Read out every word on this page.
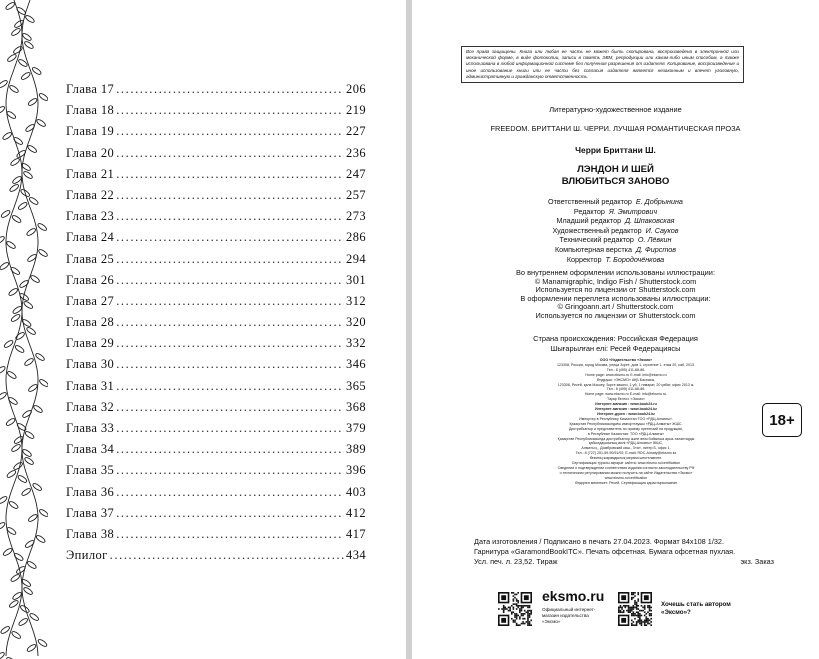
Глава 17 .....	206
Глава 18 .....	219
Глава 19 .....	227
Глава 20 .....	236
Глава 21 .....	247
Глава 22 .....	257
Глава 23 .....	273
Глава 24 .....	286
Глава 25 .....	294
Глава 26 .....	301
Глава 27 .....	312
Глава 28 .....	320
Глава 29 .....	332
Глава 30 .....	346
Глава 31 .....	365
Глава 32 .....	368
Глава 33 .....	379
Глава 34 .....	389
Глава 35 .....	396
Глава 36 .....	403
Глава 37 .....	412
Глава 38 .....	417
Эпилог .....	434
Все права защищены. Книга или любая ее часть не может быть скопирована, воспроизведена в электронной или механической форме, в виде фотокопии, записи в память ЭВМ, репродукции или каким-либо иным способом, а также использована в любой информационной системе без получения разрешения от издателя. Копирование, воспроизведение и иное использование книги или ее части без согласия издателя является незаконным и влечет уголовную, административную и гражданскую ответственность.
Литературно-художественное издание
FREEDOM. БРИТТАНИ Ш. ЧЕРРИ. ЛУЧШАЯ РОМАНТИЧЕСКАЯ ПРОЗА
Черри Бриттани Ш.
ЛЭНДОН И ШЕЙ
ВЛЮБИТЬСЯ ЗАНОВО
Ответственный редактор Е. Добрынина
Редактор Я. Эмитрович
Младший редактор Д. Шпаковская
Художественный редактор И. Сауков
Технический редактор О. Лёвкин
Компьютерная верстка Д. Фирстов
Корректор Т. Бородочёнкова
Во внутреннем оформлении использованы иллюстрации:
© Manamigraphic, Indigo Fish / Shutterstock.com
Используется по лицензии от Shutterstock.com
В оформлении переплета использованы иллюстрации:
© Gringoann.art / Shutterstock.com
Используется по лицензии от Shutterstock.com
Страна происхождения: Российская Федерация
Шығарылған елі: Ресей Федерациясы
ООО «Издательство «Эксмо»
123308, Россия, город Москва, улица Зорге, дом 1, строение 1, этаж 20, каб. 2013.
Тел.: 8 (495) 411-68-86.
Home page: www.eksmo.ru E-mail: info@eksmo.ru
Өндіруші: «ЭКСМО» АҚБ Баспасы,
123308, Ресей, қала Мәскеу, Зорге көшесі, 1 үй, 1 ғимарат, 20 қабат, офис 2013 ж.
Тел.: 8 (495) 411-68-86.
Home page: www.eksmo.ru E-mail: info@eksmo.ru.
Тауар белгісі: «Эксмо»
Интернет-магазин : www.book24.ru
Интернет-магазин : www.book24.kz
Интернет-дүкен : www.book24.kz
Импортер в Республику Казахстан ТОО «РДЦ-Алматы».
Қазақстан Республикасындағы импорттаушы «РДЦ-Алматы» ЖШС.
Дистрибьютор и представитель по приему претензий на продукцию,
в Республике Казахстан: ТОО «РДЦ-Алматы»
Қазақстан Республикасында дистрибьютор және өнім бойынша арыз-талаптарды
қабылдаушының өкілі «РДЦ-Алматы» ЖШС,
Алматы қ., Домбровский көш., 3«а», литер Б, офис 1.
Тел.: 8 (727) 251-59-90/91/92; E-mail: RDC-Almaty@eksmo.kz
Өнімнің жарамдылық мерзімі шектелмеген.
Сертификация туралы ақпарат сайтта: www.eksmo.ru/certification
Сведения о подтверждении соответствия издания согласно законодательству РФ
о техническом регулировании можно получить на сайте Издательства «Эксмо»
www.eksmo.ru/certification
Өндірген мемлекет: Ресей. Сертификация қарастырылмаған
18+
Дата изготовления / Подписано в печать 27.04.2023. Формат 84x108 1/32.
Гарнитура «GaramondBookITC». Печать офсетная. Бумага офсетная пухлая.
Усл. печ. л. 23,52. Тираж	экз. Заказ
eksmo.ru
Официальный интернет-магазин издательства «Эксмо»
Хочешь стать автором «Эксмо»?
